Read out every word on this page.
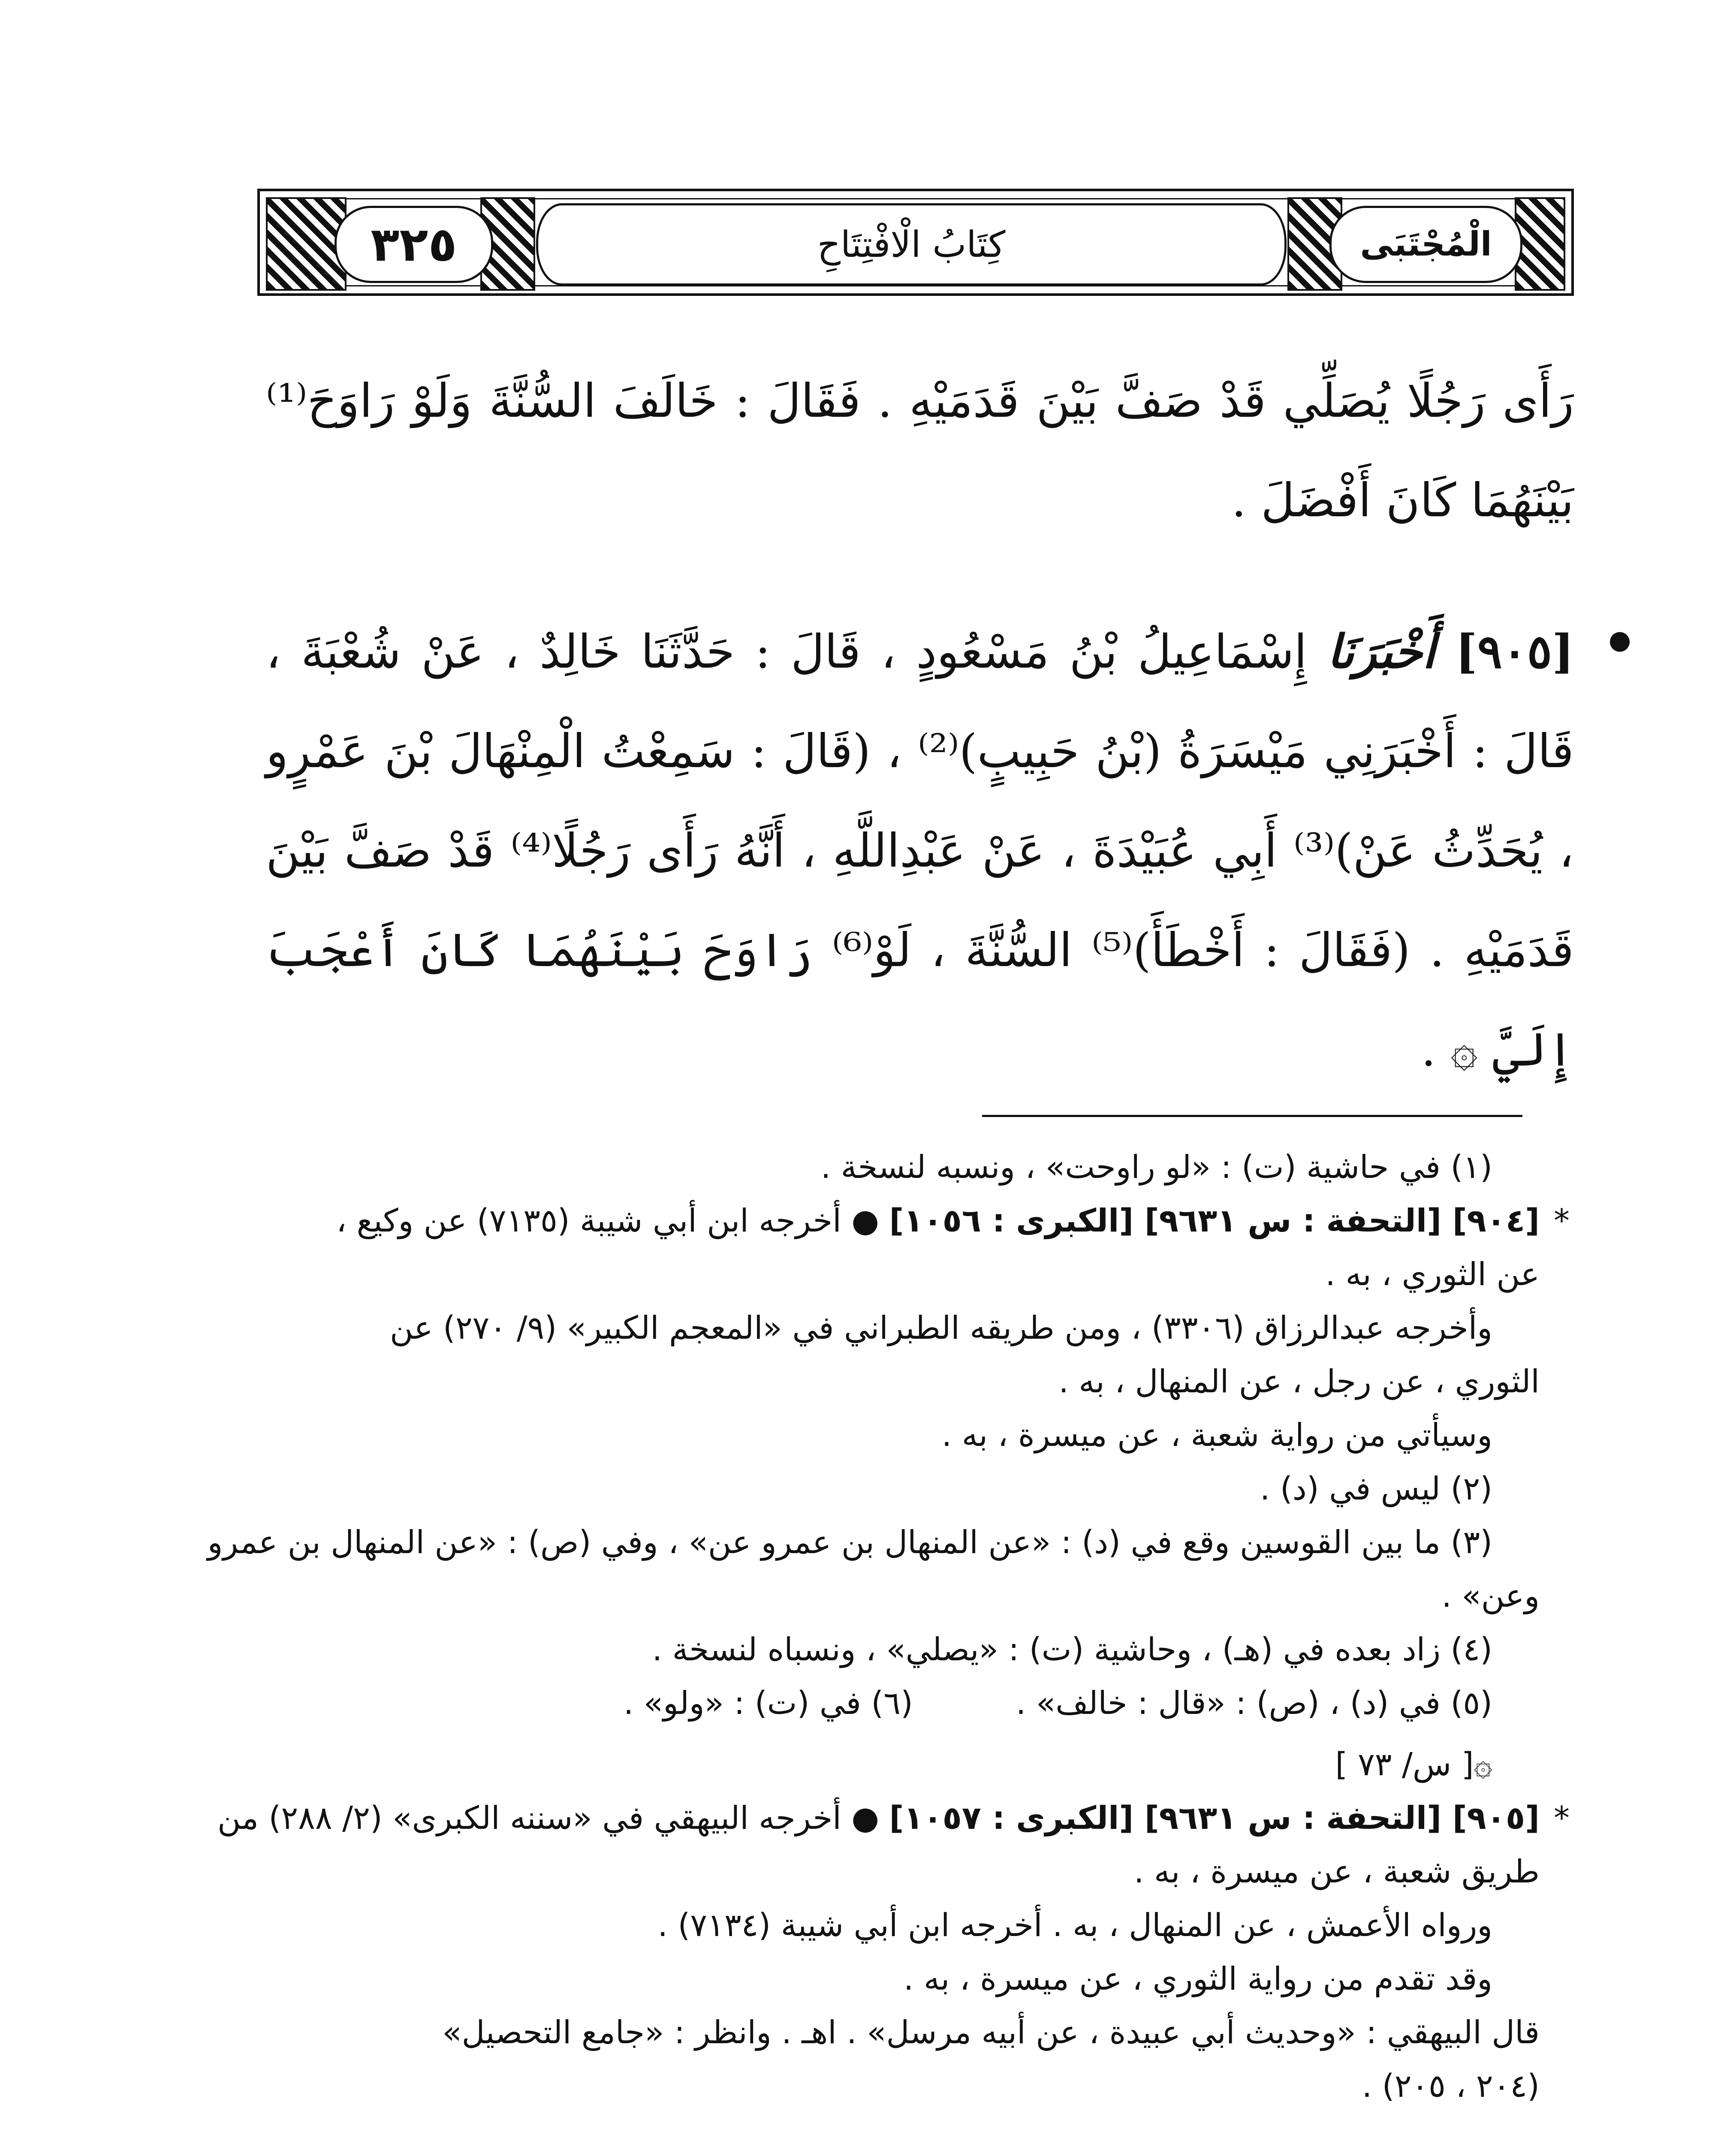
٣٢٥	كِتَابُ الْافْتِتَاحِ	الْمُجْتَبَى

رَأَى رَجُلًا يُصَلِّي قَدْ صَفَّ بَيْنَ قَدَمَيْهِ . فَقَالَ : خَالَفَ السُّنَّةَ وَلَوْ رَاوَحَ⁽¹⁾ بَيْنَهُمَا كَانَ أَفْضَلَ .

[٩٠٥] أَخْبَرَنَا إِسْمَاعِيلُ بْنُ مَسْعُودٍ ، قَالَ : حَدَّثَنَا خَالِدٌ ، عَنْ شُعْبَةَ ، قَالَ : أَخْبَرَنِي مَيْسَرَةُ (بْنُ حَبِيبٍ)⁽²⁾ ، (قَالَ : سَمِعْتُ الْمِنْهَالَ بْنَ عَمْرٍو ، يُحَدِّثُ عَنْ)⁽³⁾ أَبِي عُبَيْدَةَ ، عَنْ عَبْدِاللَّهِ ، أَنَّهُ رَأَى رَجُلًا⁽⁴⁾ قَدْ صَفَّ بَيْنَ قَدَمَيْهِ . (فَقَالَ : أَخْطَأَ)⁽⁵⁾ السُّنَّةَ ، لَوْ⁽⁶⁾ رَاوَحَ بَيْنَهُمَا كَانَ أَعْجَبَ إِلَيَّ ۞ .

(١) في حاشية (ت) : «لو راوحت» ، ونسبه لنسخة .

*
[٩٠٤] [التحفة : س ٩٦٣١] [الكبرى : ١٠٥٦] ● أخرجه ابن أبي شيبة (٧١٣٥) عن وكيع ،

عن الثوري ، به .

وأخرجه عبدالرزاق (٣٣٠٦) ، ومن طريقه الطبراني في «المعجم الكبير» (٩/ ٢٧٠) عن

الثوري ، عن رجل ، عن المنهال ، به .

وسيأتي من رواية شعبة ، عن ميسرة ، به .

(٢) ليس في (د) .

(٣) ما بين القوسين وقع في (د) : «عن المنهال بن عمرو عن» ، وفي (ص) : «عن المنهال بن عمرو

وعن» .

(٤) زاد بعده في (هـ) ، وحاشية (ت) : «يصلي» ، ونسباه لنسخة .

(٥) في (د) ، (ص) : «قال : خالف» .
(٦) في (ت) : «ولو» .

۞[ س/ ٧٣ ]

*
[٩٠٥] [التحفة : س ٩٦٣١] [الكبرى : ١٠٥٧] ● أخرجه البيهقي في «سننه الكبرى» (٢/ ٢٨٨) من

طريق شعبة ، عن ميسرة ، به .

ورواه الأعمش ، عن المنهال ، به . أخرجه ابن أبي شيبة (٧١٣٤) .

وقد تقدم من رواية الثوري ، عن ميسرة ، به .

قال البيهقي : «وحديث أبي عبيدة ، عن أبيه مرسل» . اهـ . وانظر : «جامع التحصيل»

(٢٠٤ ، ٢٠٥) .
